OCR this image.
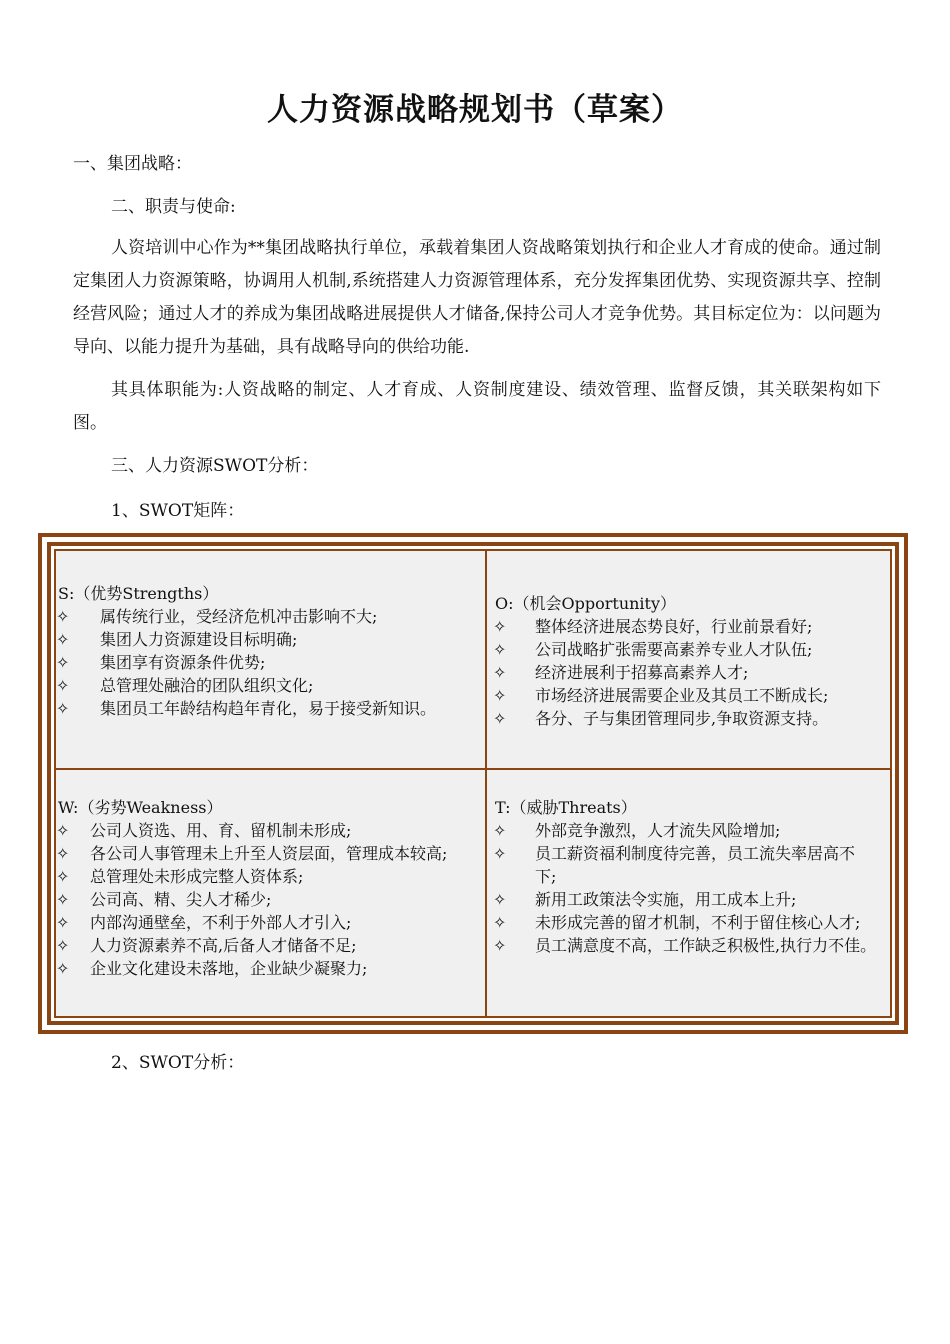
人力资源战略规划书（草案）
一、集团战略：
二、职责与使命:
人资培训中心作为**集团战略执行单位，承载着集团人资战略策划执行和企业人才育成的使命。通过制定集团人力资源策略，协调用人机制,系统搭建人力资源管理体系，充分发挥集团优势、实现资源共享、控制经营风险；通过人才的养成为集团战略进展提供人才储备,保持公司人才竞争优势。其目标定位为：以问题为导向、以能力提升为基础，具有战略导向的供给功能.
其具体职能为:人资战略的制定、人才育成、人资制度建设、绩效管理、监督反馈，其关联架构如下图。
三、人力资源SWOT分析：
1、SWOT矩阵：
S:（优势Strengths）
✧ 属传统行业，受经济危机冲击影响不大;
✧ 集团人力资源建设目标明确;
✧ 集团享有资源条件优势;
✧ 总管理处融洽的团队组织文化;
✧ 集团员工年龄结构趋年青化，易于接受新知识。
O:（机会Opportunity）
✧ 整体经济进展态势良好，行业前景看好;
✧ 公司战略扩张需要高素养专业人才队伍;
✧ 经济进展利于招募高素养人才;
✧ 市场经济进展需要企业及其员工不断成长;
✧ 各分、子与集团管理同步,争取资源支持。
W:（劣势Weakness）
✧ 公司人资选、用、育、留机制未形成;
✧ 各公司人事管理未上升至人资层面，管理成本较高;
✧ 总管理处未形成完整人资体系;
✧ 公司高、精、尖人才稀少;
✧ 内部沟通壁垒，不利于外部人才引入;
✧ 人力资源素养不高,后备人才储备不足;
✧ 企业文化建设未落地，企业缺少凝聚力;
T:（威胁Threats）
✧ 外部竞争激烈，人才流失风险增加;
✧ 员工薪资福利制度待完善，员工流失率居高不　　　下;
✧ 新用工政策法令实施，用工成本上升;
✧ 未形成完善的留才机制，不利于留住核心人才;
✧ 员工满意度不高，工作缺乏积极性,执行力不佳。
2、SWOT分析：
